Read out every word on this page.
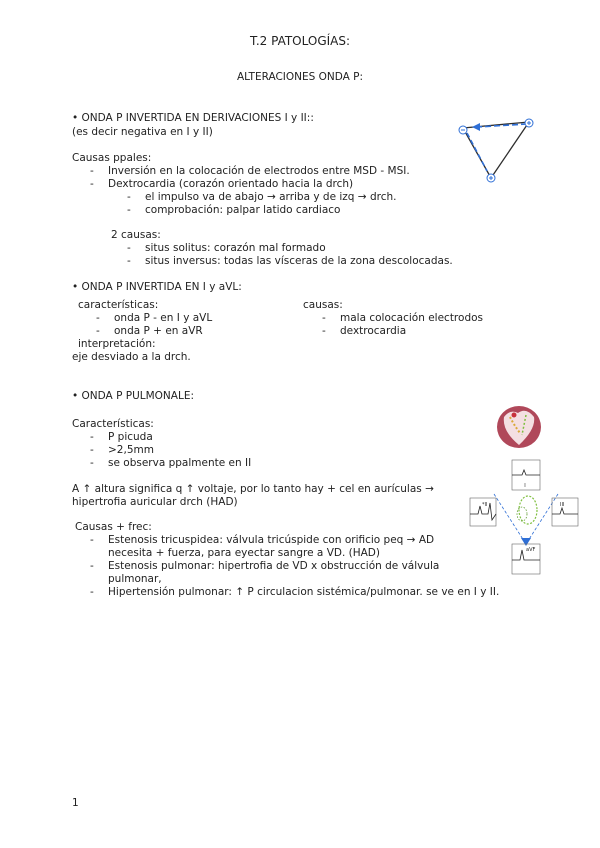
T.2 PATOLOGÍAS:
ALTERACIONES ONDA P:
• ONDA P INVERTIDA EN DERIVACIONES I y II::
(es decir negativa en I y II)
Causas ppales:
- Inversión en la colocación de electrodos entre MSD - MSI.
- Dextrocardia (corazón orientado hacia la drch)
- el impulso va de abajo → arriba y de izq → drch.
- comprobación: palpar latido cardiaco
2 causas:
- situs solitus: corazón mal formado
- situs inversus: todas las vísceras de la zona descolocadas.
• ONDA P INVERTIDA EN I y aVL:
características:
- onda P - en I y aVL
- onda P + en aVR
interpretación:
eje desviado a la drch.
causas:
- mala colocación electrodos
- dextrocardia
• ONDA P PULMONALE:
Características:
- P picuda
- >2,5mm
- se observa ppalmente en II
A ↑ altura significa q ↑ voltaje, por lo tanto hay + cel en aurículas →
hipertrofia auricular drch (HAD)
Causas + frec:
- Estenosis tricuspidea: válvula tricúspide con orificio peq → AD
necesita + fuerza, para eyectar sangre a VD. (HAD)
- Estenosis pulmonar: hipertrofia de VD x obstrucción de válvula
pulmonar,
- Hipertensión pulmonar: ↑ P circulacion sistémica/pulmonar. se ve en I y II.
I
*II	III
aVF
1
